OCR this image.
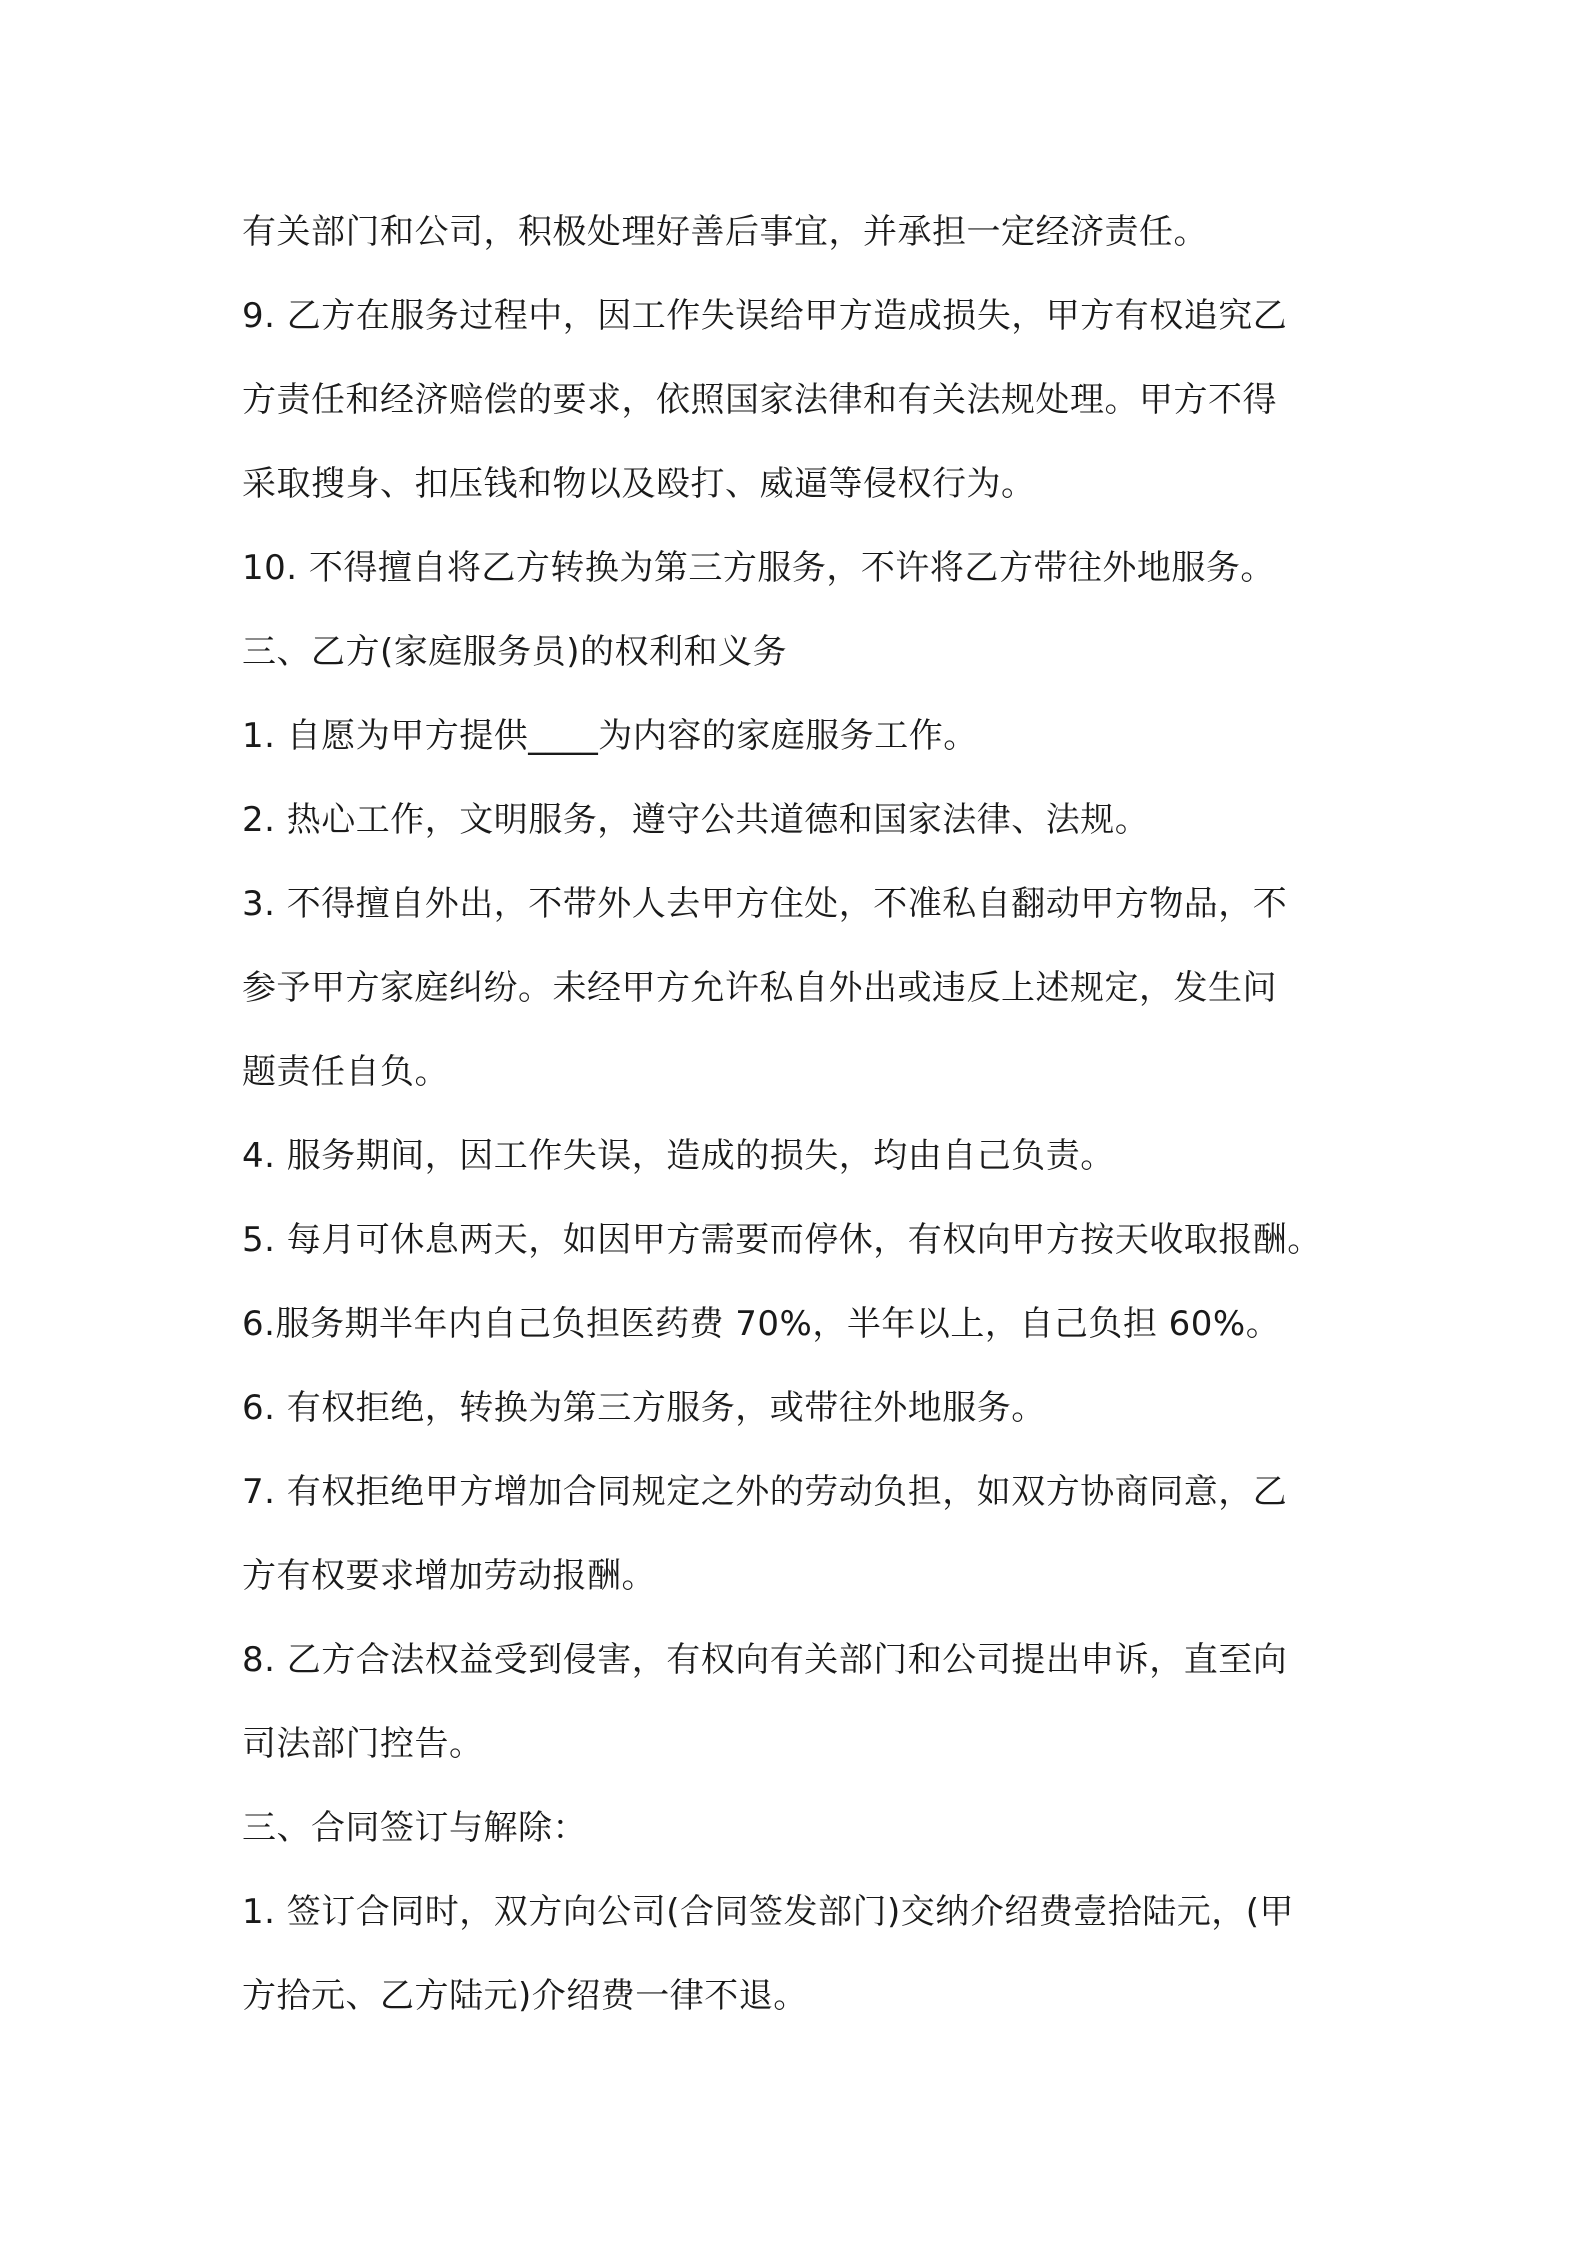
有关部门和公司，积极处理好善后事宜，并承担一定经济责任。
9. 乙方在服务过程中，因工作失误给甲方造成损失，甲方有权追究乙
方责任和经济赔偿的要求，依照国家法律和有关法规处理。甲方不得
采取搜身、扣压钱和物以及殴打、威逼等侵权行为。
10. 不得擅自将乙方转换为第三方服务，不许将乙方带往外地服务。
三、乙方(家庭服务员)的权利和义务
1. 自愿为甲方提供____为内容的家庭服务工作。
2. 热心工作，文明服务，遵守公共道德和国家法律、法规。
3. 不得擅自外出，不带外人去甲方住处，不准私自翻动甲方物品，不
参予甲方家庭纠纷。未经甲方允许私自外出或违反上述规定，发生问
题责任自负。
4. 服务期间，因工作失误，造成的损失，均由自己负责。
5. 每月可休息两天，如因甲方需要而停休，有权向甲方按天收取报酬。
6.服务期半年内自己负担医药费 70%，半年以上，自己负担 60%。
6. 有权拒绝，转换为第三方服务，或带往外地服务。
7. 有权拒绝甲方增加合同规定之外的劳动负担，如双方协商同意，乙
方有权要求增加劳动报酬。
8. 乙方合法权益受到侵害，有权向有关部门和公司提出申诉，直至向
司法部门控告。
三、合同签订与解除：
1. 签订合同时，双方向公司(合同签发部门)交纳介绍费壹拾陆元，(甲
方拾元、乙方陆元)介绍费一律不退。
